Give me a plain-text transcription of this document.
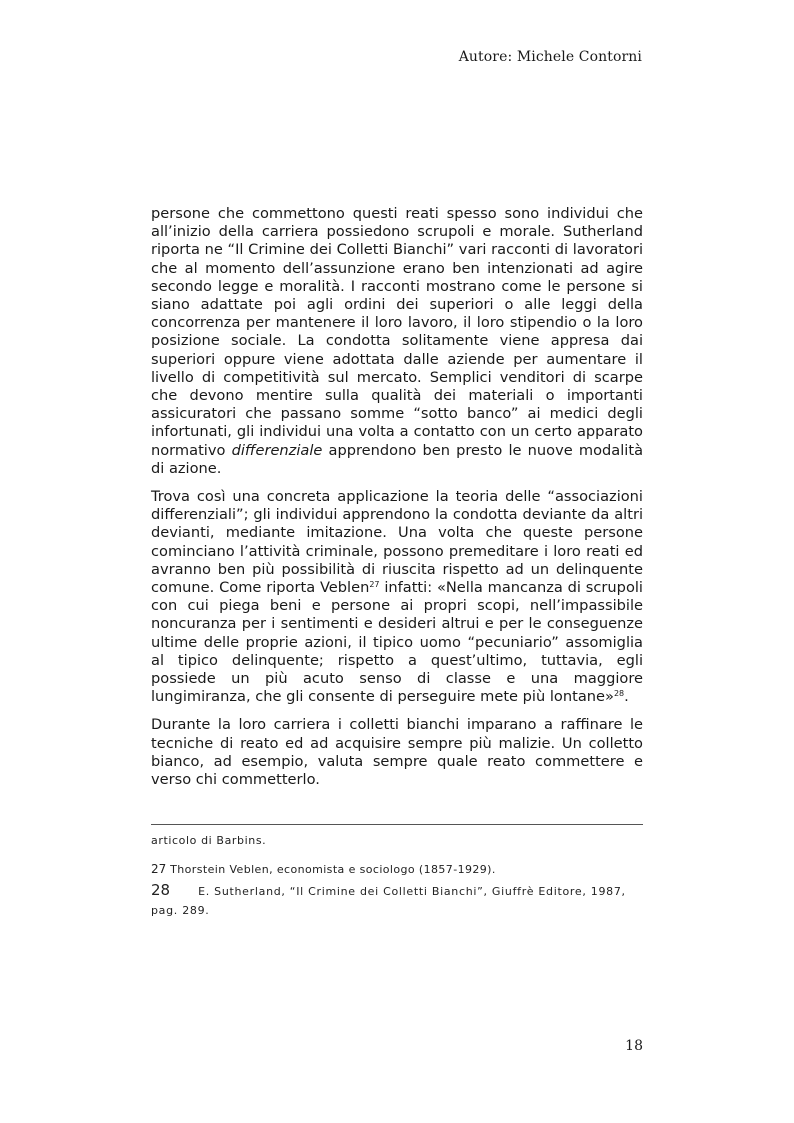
Autore: Michele Contorni

persone che commettono questi reati spesso sono individui che all’inizio della carriera possiedono scrupoli e morale. Sutherland riporta ne “Il Crimine dei Colletti Bianchi” vari racconti di lavoratori che al momento dell’assunzione erano ben intenzionati ad agire secondo legge e moralità. I racconti mostrano come le persone si siano adattate poi agli ordini dei superiori o alle leggi della concorrenza per mantenere il loro lavoro, il loro stipendio o la loro posizione sociale. La condotta solitamente viene appresa dai superiori oppure viene adottata dalle aziende per aumentare il livello di competitività sul mercato. Semplici venditori di scarpe che devono mentire sulla qualità dei materiali o importanti assicuratori che passano somme “sotto banco” ai medici degli infortunati, gli individui una volta a contatto con un certo apparato normativo differenziale apprendono ben presto le nuove modalità di azione.

Trova così una concreta applicazione la teoria delle “associazioni differenziali”; gli individui apprendono la condotta deviante da altri devianti, mediante imitazione. Una volta che queste persone cominciano l’attività criminale, possono premeditare i loro reati ed avranno ben più possibilità di riuscita rispetto ad un delinquente comune. Come riporta Veblen$^{27}$ infatti: «Nella mancanza di scrupoli con cui piega beni e persone ai propri scopi, nell’impassibile noncuranza per i sentimenti e desideri altrui e per le conseguenze ultime delle proprie azioni, il tipico uomo “pecuniario” assomiglia al tipico delinquente; rispetto a quest’ultimo, tuttavia, egli possiede un più acuto senso di classe e una maggiore lungimiranza, che gli consente di perseguire mete più lontane»$^{28}$.

Durante la loro carriera i colletti bianchi imparano a raffinare le tecniche di reato ed ad acquisire sempre più malizie. Un colletto bianco, ad esempio, valuta sempre quale reato commettere e verso chi commetterlo.

articolo di Barbins.
27 Thorstein Veblen, economista e sociologo (1857-1929).
28	E. Sutherland, “Il Crimine dei Colletti Bianchi”, Giuffrè Editore, 1987, pag. 289.
18
